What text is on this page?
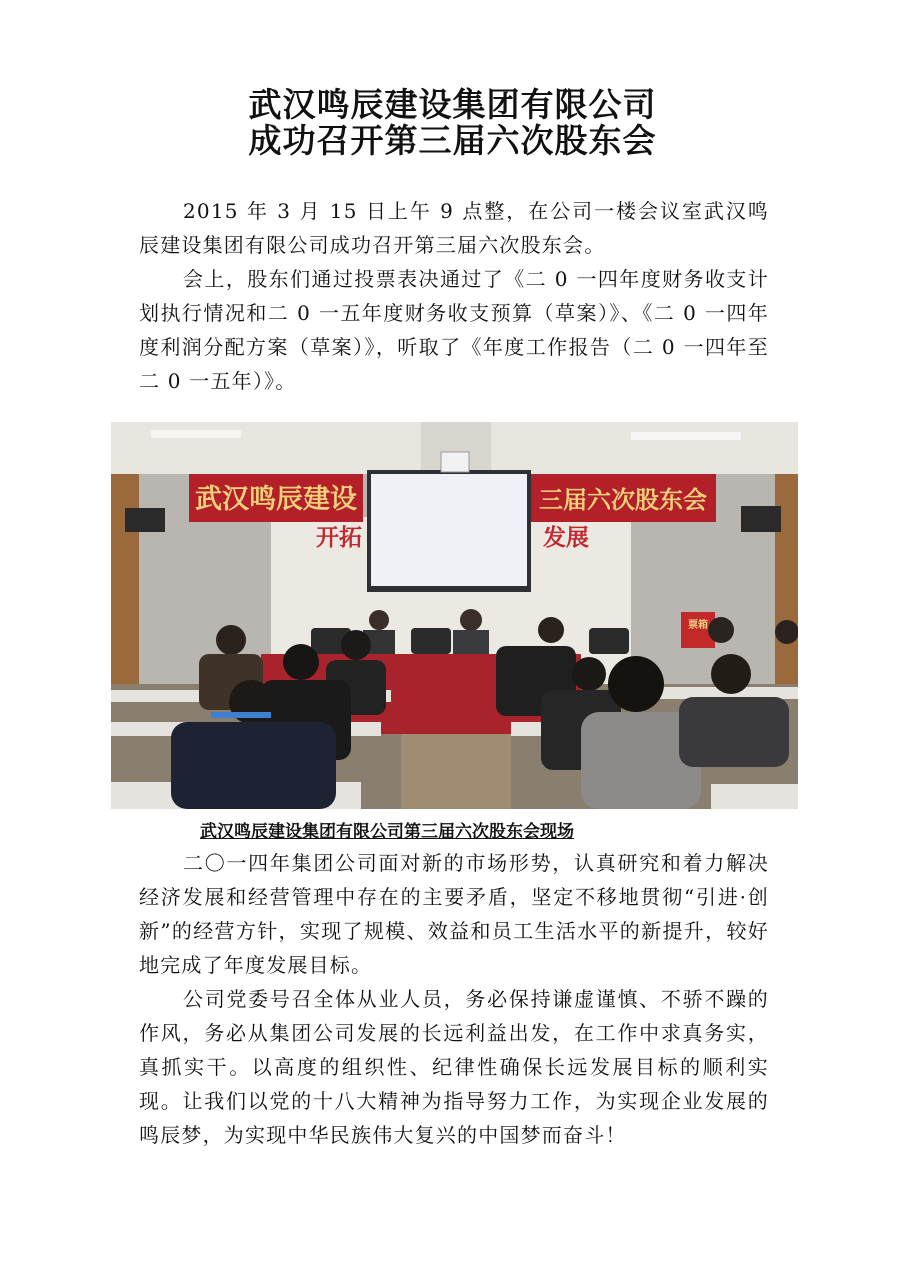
武汉鸣辰建设集团有限公司
成功召开第三届六次股东会

2015 年 3 月 15 日上午 9 点整，在公司一楼会议室武汉鸣辰建设集团有限公司成功召开第三届六次股东会。

会上，股东们通过投票表决通过了《二 0 一四年度财务收支计划执行情况和二 0 一五年度财务收支预算（草案）》、《二 0 一四年度利润分配方案（草案）》，听取了《年度工作报告（二 0 一四年至二 0 一五年）》。

武汉鸣辰建设	三届六次股东会
开拓	发展
票箱
武汉鸣辰建设集团有限公司第三届六次股东会现场

二〇一四年集团公司面对新的市场形势，认真研究和着力解决经济发展和经营管理中存在的主要矛盾，坚定不移地贯彻“引进·创新”的经营方针，实现了规模、效益和员工生活水平的新提升，较好地完成了年度发展目标。

公司党委号召全体从业人员，务必保持谦虚谨慎、不骄不躁的作风，务必从集团公司发展的长远利益出发，在工作中求真务实，真抓实干。以高度的组织性、纪律性确保长远发展目标的顺利实现。让我们以党的十八大精神为指导努力工作，为实现企业发展的鸣辰梦，为实现中华民族伟大复兴的中国梦而奋斗！
